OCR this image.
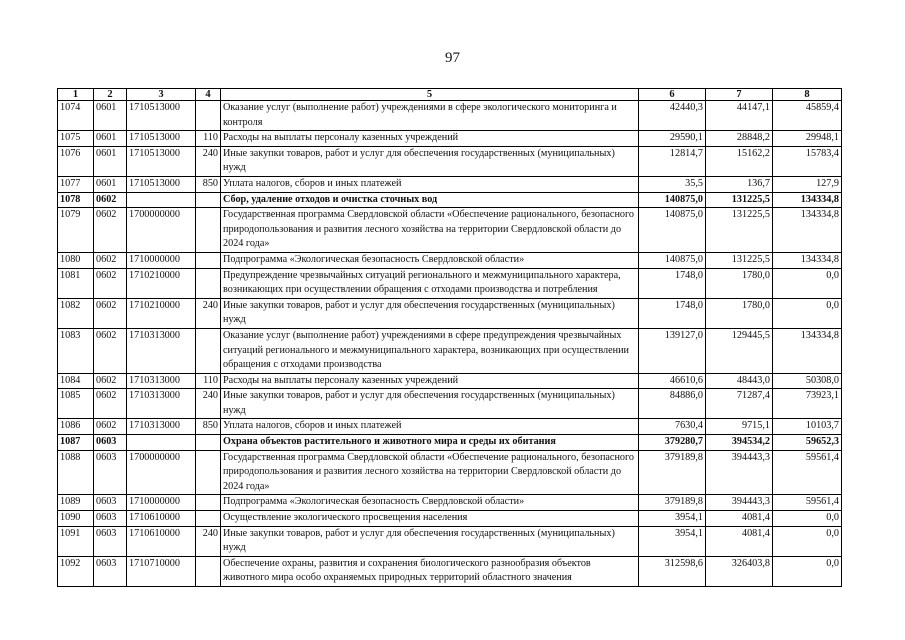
97
1	2	3	4	5	6	7	8
1074	0601	1710513000		Оказание услуг (выполнение работ) учреждениями в сфере экологического мониторинга и контроля	42440,3	44147,1	45859,4
1075	0601	1710513000	110	Расходы на выплаты персоналу казенных учреждений	29590,1	28848,2	29948,1
1076	0601	1710513000	240	Иные закупки товаров, работ и услуг для обеспечения государственных (муниципальных) нужд	12814,7	15162,2	15783,4
1077	0601	1710513000	850	Уплата налогов, сборов и иных платежей	35,5	136,7	127,9
1078	0602			Сбор, удаление отходов и очистка сточных вод	140875,0	131225,5	134334,8
1079	0602	1700000000		Государственная программа Свердловской области «Обеспечение рационального, безопасного природопользования и развития лесного хозяйства на территории Свердловской области до 2024 года»	140875,0	131225,5	134334,8
1080	0602	1710000000		Подпрограмма «Экологическая безопасность Свердловской области»	140875,0	131225,5	134334,8
1081	0602	1710210000		Предупреждение чрезвычайных ситуаций регионального и межмуниципального характера, возникающих при осуществлении обращения с отходами производства и потребления	1748,0	1780,0	0,0
1082	0602	1710210000	240	Иные закупки товаров, работ и услуг для обеспечения государственных (муниципальных) нужд	1748,0	1780,0	0,0
1083	0602	1710313000		Оказание услуг (выполнение работ) учреждениями в сфере предупреждения чрезвычайных ситуаций регионального и межмуниципального характера, возникающих при осуществлении обращения с отходами производства	139127,0	129445,5	134334,8
1084	0602	1710313000	110	Расходы на выплаты персоналу казенных учреждений	46610,6	48443,0	50308,0
1085	0602	1710313000	240	Иные закупки товаров, работ и услуг для обеспечения государственных (муниципальных) нужд	84886,0	71287,4	73923,1
1086	0602	1710313000	850	Уплата налогов, сборов и иных платежей	7630,4	9715,1	10103,7
1087	0603			Охрана объектов растительного и животного мира и среды их обитания	379280,7	394534,2	59652,3
1088	0603	1700000000		Государственная программа Свердловской области «Обеспечение рационального, безопасного природопользования и развития лесного хозяйства на территории Свердловской области до 2024 года»	379189,8	394443,3	59561,4
1089	0603	1710000000		Подпрограмма «Экологическая безопасность Свердловской области»	379189,8	394443,3	59561,4
1090	0603	1710610000		Осуществление экологического просвещения населения	3954,1	4081,4	0,0
1091	0603	1710610000	240	Иные закупки товаров, работ и услуг для обеспечения государственных (муниципальных) нужд	3954,1	4081,4	0,0
1092	0603	1710710000		Обеспечение охраны, развития и сохранения биологического разнообразия объектов животного мира особо охраняемых природных территорий областного значения	312598,6	326403,8	0,0
